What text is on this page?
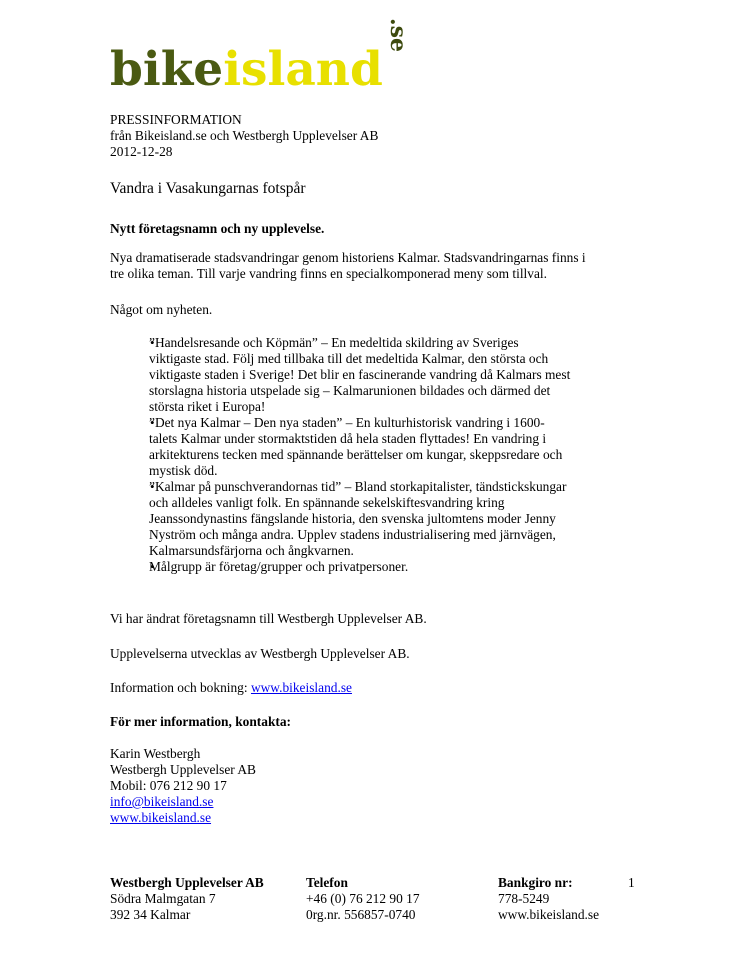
bikeisland.se
PRESSINFORMATION
från Bikeisland.se och Westbergh Upplevelser AB
2012-12-28
Vandra i Vasakungarnas fotspår
Nytt företagsnamn och ny upplevelse.
Nya dramatiserade stadsvandringar genom historiens Kalmar. Stadsvandringarnas finns i
tre olika teman. Till varje vandring finns en specialkomponerad meny som tillval.
Något om nyheten.
• ”Handelsresande och Köpmän” – En medeltida skildring av Sveriges
viktigaste stad. Följ med tillbaka till det medeltida Kalmar, den största och
viktigaste staden i Sverige! Det blir en fascinerande vandring då Kalmars mest
storslagna historia utspelade sig – Kalmarunionen bildades och därmed det
största riket i Europa!
• ”Det nya Kalmar – Den nya staden” – En kulturhistorisk vandring i 1600-
talets Kalmar under stormaktstiden då hela staden flyttades! En vandring i
arkitekturens tecken med spännande berättelser om kungar, skeppsredare och
mystisk död.
• ”Kalmar på punschverandornas tid” – Bland storkapitalister, tändstickskungar
och alldeles vanligt folk. En spännande sekelskiftesvandring kring
Jeanssondynastins fängslande historia, den svenska jultomtens moder Jenny
Nyström och många andra. Upplev stadens industrialisering med järnvägen,
Kalmarsundsfärjorna och ångkvarnen.
• Målgrupp är företag/grupper och privatpersoner.
Vi har ändrat företagsnamn till Westbergh Upplevelser AB.
Upplevelserna utvecklas av Westbergh Upplevelser AB.
Information och bokning: www.bikeisland.se
För mer information, kontakta:
Karin Westbergh
Westbergh Upplevelser AB
Mobil: 076 212 90 17
info@bikeisland.se
www.bikeisland.se
Westbergh Upplevelser AB
Södra Malmgatan 7
392 34 Kalmar
Telefon
+46 (0) 76 212 90 17
0rg.nr. 556857-0740
Bankgiro nr:
778-5249
www.bikeisland.se
1
